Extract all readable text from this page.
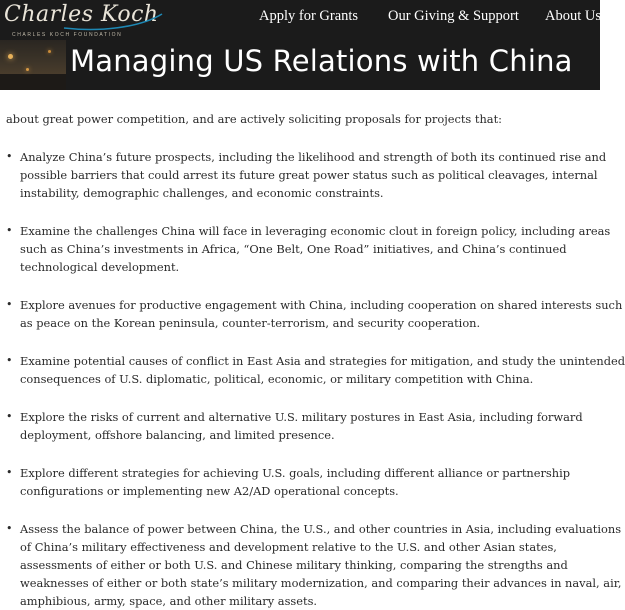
Charles Koch
CHARLES KOCH FOUNDATION
Apply for Grants Our Giving & Support About Us
Managing US Relations with China
about great power competition, and are actively soliciting proposals for projects that:
• Analyze China’s future prospects, including the likelihood and strength of both its continued rise and
possible barriers that could arrest its future great power status such as political cleavages, internal
instability, demographic challenges, and economic constraints.
• Examine the challenges China will face in leveraging economic clout in foreign policy, including areas
such as China’s investments in Africa, “One Belt, One Road” initiatives, and China’s continued
technological development.
• Explore avenues for productive engagement with China, including cooperation on shared interests such
as peace on the Korean peninsula, counter-terrorism, and security cooperation.
• Examine potential causes of conflict in East Asia and strategies for mitigation, and study the unintended
consequences of U.S. diplomatic, political, economic, or military competition with China.
• Explore the risks of current and alternative U.S. military postures in East Asia, including forward
deployment, offshore balancing, and limited presence.
• Explore different strategies for achieving U.S. goals, including different alliance or partnership
configurations or implementing new A2/AD operational concepts.
• Assess the balance of power between China, the U.S., and other countries in Asia, including evaluations
of China’s military effectiveness and development relative to the U.S. and other Asian states,
assessments of either or both U.S. and Chinese military thinking, comparing the strengths and
weaknesses of either or both state’s military modernization, and comparing their advances in naval, air,
amphibious, army, space, and other military assets.
